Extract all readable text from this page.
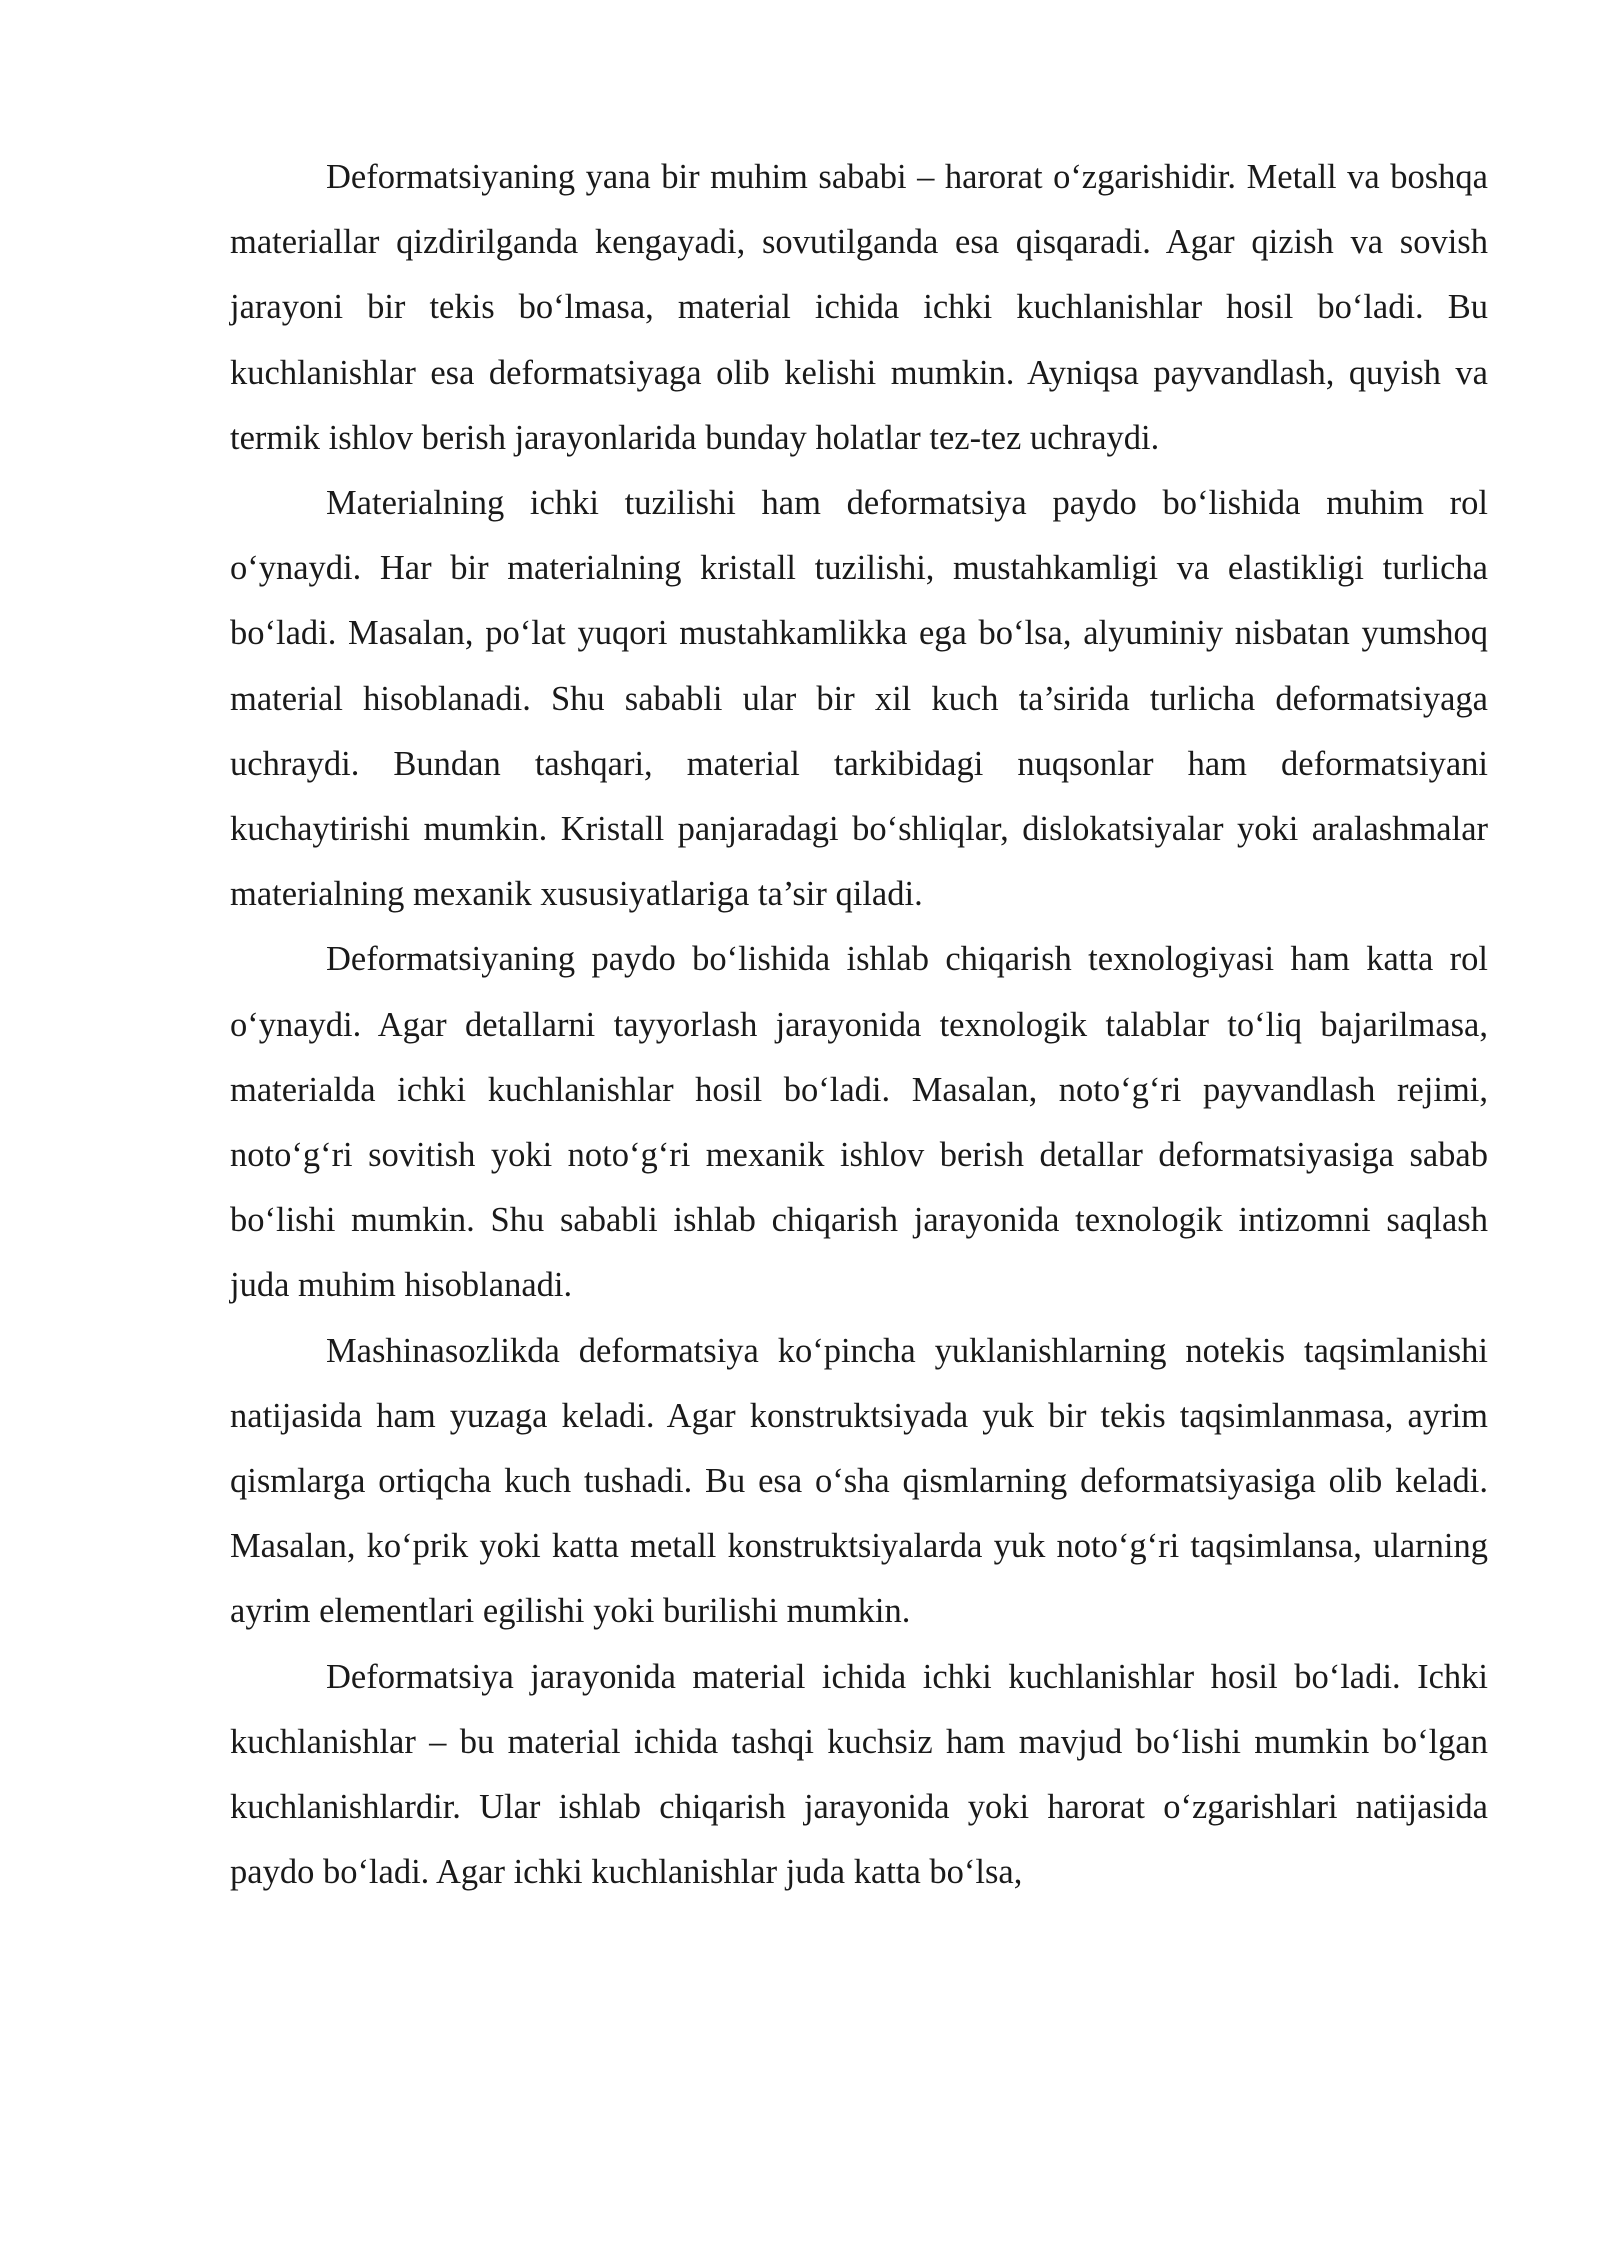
Deformatsiyaning yana bir muhim sababi – harorat o‘zgarishidir. Metall va boshqa materiallar qizdirilganda kengayadi, sovutilganda esa qisqaradi. Agar qizish va sovish jarayoni bir tekis bo‘lmasa, material ichida ichki kuchlanishlar hosil bo‘ladi. Bu kuchlanishlar esa deformatsiyaga olib kelishi mumkin. Ayniqsa payvandlash, quyish va termik ishlov berish jarayonlarida bunday holatlar tez-tez uchraydi.

Materialning ichki tuzilishi ham deformatsiya paydo bo‘lishida muhim rol o‘ynaydi. Har bir materialning kristall tuzilishi, mustahkamligi va elastikligi turlicha bo‘ladi. Masalan, po‘lat yuqori mustahkamlikka ega bo‘lsa, alyuminiy nisbatan yumshoq material hisoblanadi. Shu sababli ular bir xil kuch ta’sirida turlicha deformatsiyaga uchraydi. Bundan tashqari, material tarkibidagi nuqsonlar ham deformatsiyani kuchaytirishi mumkin. Kristall panjaradagi bo‘shliqlar, dislokatsiyalar yoki aralashmalar materialning mexanik xususiyatlariga ta’sir qiladi.

Deformatsiyaning paydo bo‘lishida ishlab chiqarish texnologiyasi ham katta rol o‘ynaydi. Agar detallarni tayyorlash jarayonida texnologik talablar to‘liq bajarilmasa, materialda ichki kuchlanishlar hosil bo‘ladi. Masalan, noto‘g‘ri payvandlash rejimi, noto‘g‘ri sovitish yoki noto‘g‘ri mexanik ishlov berish detallar deformatsiyasiga sabab bo‘lishi mumkin. Shu sababli ishlab chiqarish jarayonida texnologik intizomni saqlash juda muhim hisoblanadi.

Mashinasozlikda deformatsiya ko‘pincha yuklanishlarning notekis taqsimlanishi natijasida ham yuzaga keladi. Agar konstruktsiyada yuk bir tekis taqsimlanmasa, ayrim qismlarga ortiqcha kuch tushadi. Bu esa o‘sha qismlarning deformatsiyasiga olib keladi. Masalan, ko‘prik yoki katta metall konstruktsiyalarda yuk noto‘g‘ri taqsimlansa, ularning ayrim elementlari egilishi yoki burilishi mumkin.

Deformatsiya jarayonida material ichida ichki kuchlanishlar hosil bo‘ladi. Ichki kuchlanishlar – bu material ichida tashqi kuchsiz ham mavjud bo‘lishi mumkin bo‘lgan kuchlanishlardir. Ular ishlab chiqarish jarayonida yoki harorat o‘zgarishlari natijasida paydo bo‘ladi. Agar ichki kuchlanishlar juda katta bo‘lsa,
